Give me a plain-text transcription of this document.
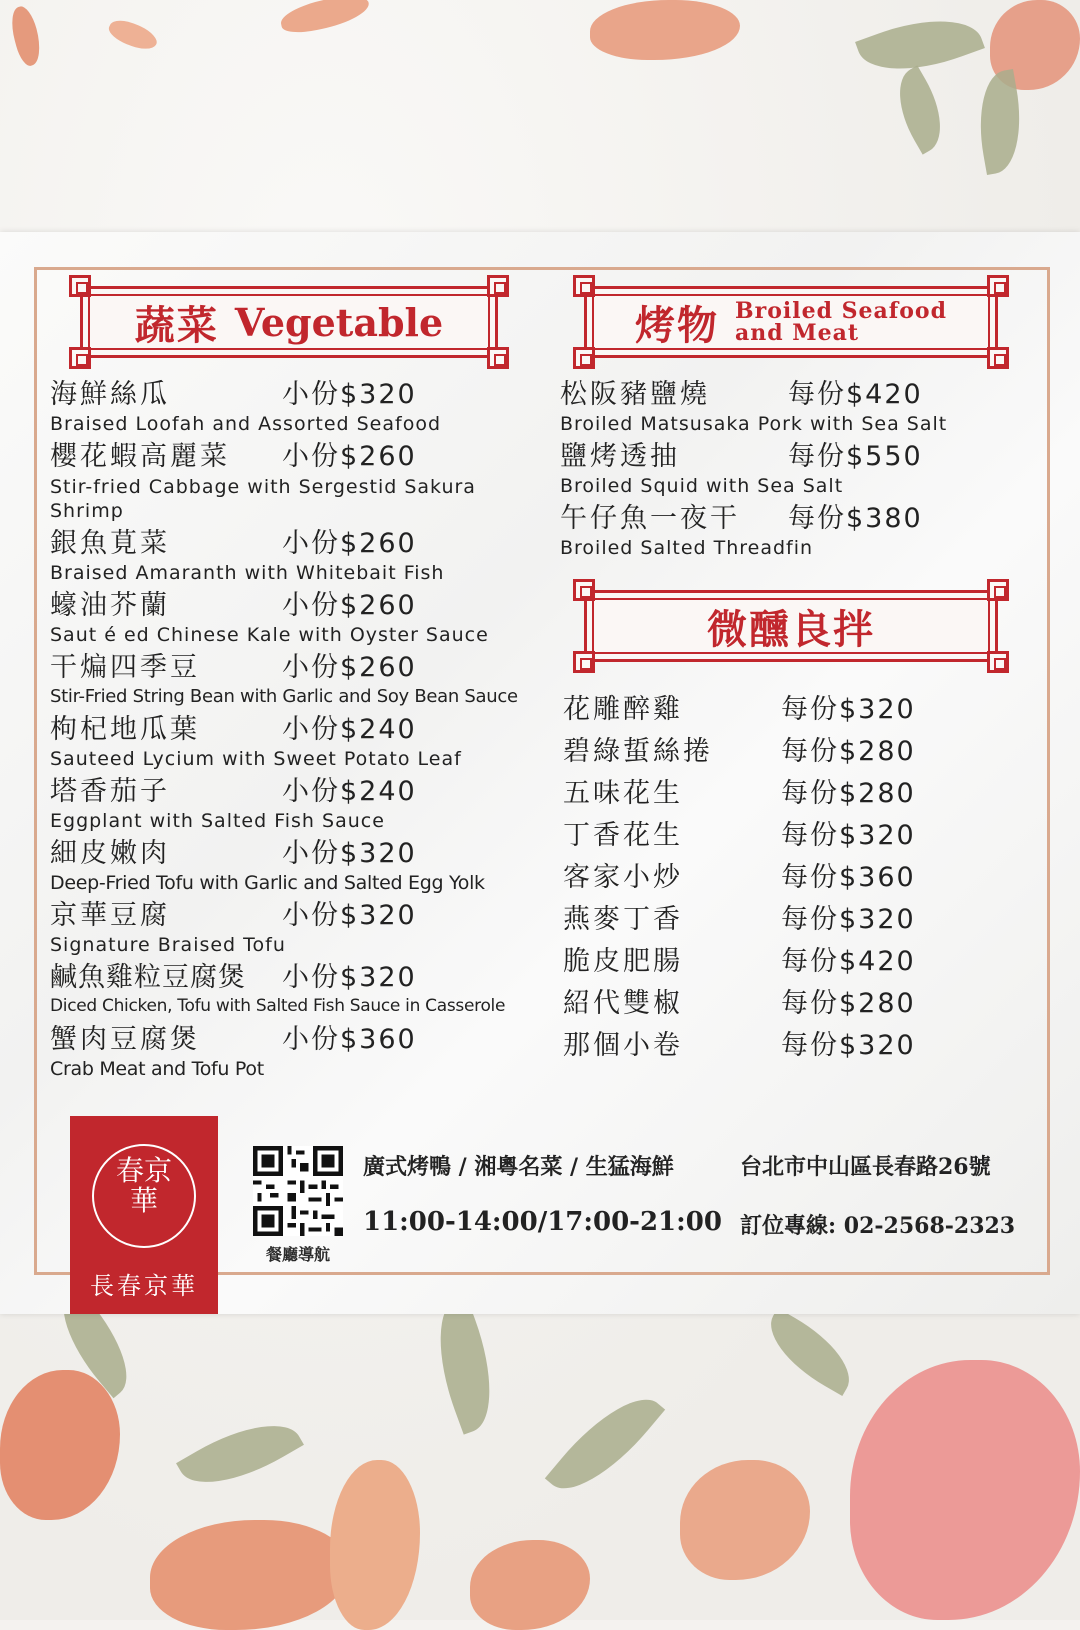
蔬菜 Vegetable
海鮮絲瓜	小份$320
Braised Loofah and Assorted Seafood
櫻花蝦高麗菜	小份$260
Stir-fried Cabbage with Sergestid Sakura Shrimp
銀魚莧菜	小份$260
Braised Amaranth with Whitebait Fish
蠔油芥蘭	小份$260
Saut é ed Chinese Kale with Oyster Sauce
干煸四季豆	小份$260
Stir-Fried String Bean with Garlic and Soy Bean Sauce
枸杞地瓜葉	小份$240
Sauteed Lycium with Sweet Potato Leaf
塔香茄子	小份$240
Eggplant with Salted Fish Sauce
細皮嫩肉	小份$320
Deep-Fried Tofu with Garlic and Salted Egg Yolk
京華豆腐	小份$320
Signature Braised Tofu
鹹魚雞粒豆腐煲	小份$320
Diced Chicken, Tofu with Salted Fish Sauce in Casserole
蟹肉豆腐煲	小份$360
Crab Meat and Tofu Pot
烤物 Broiled Seafood
and Meat
松阪豬鹽燒	每份$420
Broiled Matsusaka Pork with Sea Salt
鹽烤透抽	每份$550
Broiled Squid with Sea Salt
午仔魚一夜干	每份$380
Broiled Salted Threadfin
微醺良拌
花雕醉雞	每份$320
碧綠蜇絲捲	每份$280
五味花生	每份$280
丁香花生	每份$320
客家小炒	每份$360
燕麥丁香	每份$320
脆皮肥腸	每份$420
紹代雙椒	每份$280
那個小卷	每份$320
春京華
長春京華
餐廳導航
廣式烤鴨 / 湘粵名菜 / 生猛海鮮	台北市中山區長春路26號
11:00-14:00/17:00-21:00 訂位專線: 02-2568-2323
